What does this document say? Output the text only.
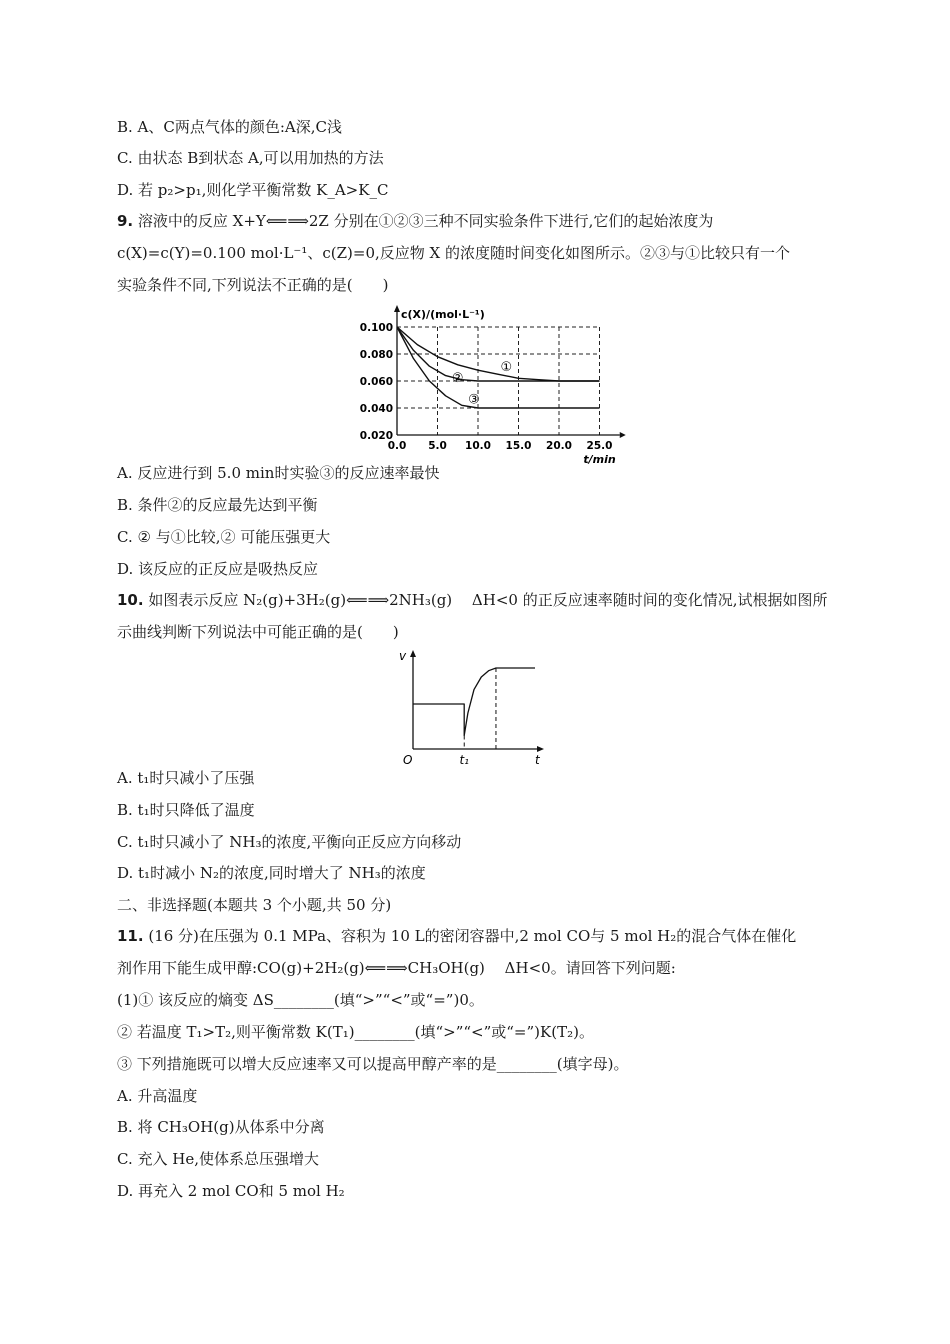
B. A、C两点气体的颜色:A深,C浅
C. 由状态 B到状态 A,可以用加热的方法
D. 若 p₂>p₁,则化学平衡常数 K_A>K_C
9. 溶液中的反应 X+Y⟸⟹2Z 分别在①②③三种不同实验条件下进行,它们的起始浓度为
c(X)=c(Y)=0.100 mol·L⁻¹、c(Z)=0,反应物 X 的浓度随时间变化如图所示。②③与①比较只有一个
实验条件不同,下列说法不正确的是(　　)
A. 反应进行到 5.0 min时实验③的反应速率最快
B. 条件②的反应最先达到平衡
C. ② 与①比较,② 可能压强更大
D. 该反应的正反应是吸热反应
10. 如图表示反应 N₂(g)+3H₂(g)⟸⟹2NH₃(g)　 ΔH<0 的正反应速率随时间的变化情况,试根据如图所
示曲线判断下列说法中可能正确的是(　　)
A. t₁时只减小了压强
B. t₁时只降低了温度
C. t₁时只减小了 NH₃的浓度,平衡向正反应方向移动
D. t₁时减小 N₂的浓度,同时增大了 NH₃的浓度
二、非选择题(本题共 3 个小题,共 50 分)
11. (16 分)在压强为 0.1 MPa、容积为 10 L的密闭容器中,2 mol CO与 5 mol H₂的混合气体在催化
剂作用下能生成甲醇:CO(g)+2H₂(g)⟸⟹CH₃OH(g)　 ΔH<0。请回答下列问题:
(1)① 该反应的熵变 ΔS________(填“>”“<”或“=”)0。
② 若温度 T₁>T₂,则平衡常数 K(T₁)________(填“>”“<”或“=”)K(T₂)。
③ 下列措施既可以增大反应速率又可以提高甲醇产率的是________(填字母)。
A. 升高温度
B. 将 CH₃OH(g)从体系中分离
C. 充入 He,使体系总压强增大
D. 再充入 2 mol CO和 5 mol H₂
0.0 5.0 10.0 15.0 20.0 25.0
0.100
0.080
0.060
0.040
0.020
c(X)/(mol·L⁻¹)
t/min
①
②
③
v
O	t₁	t
